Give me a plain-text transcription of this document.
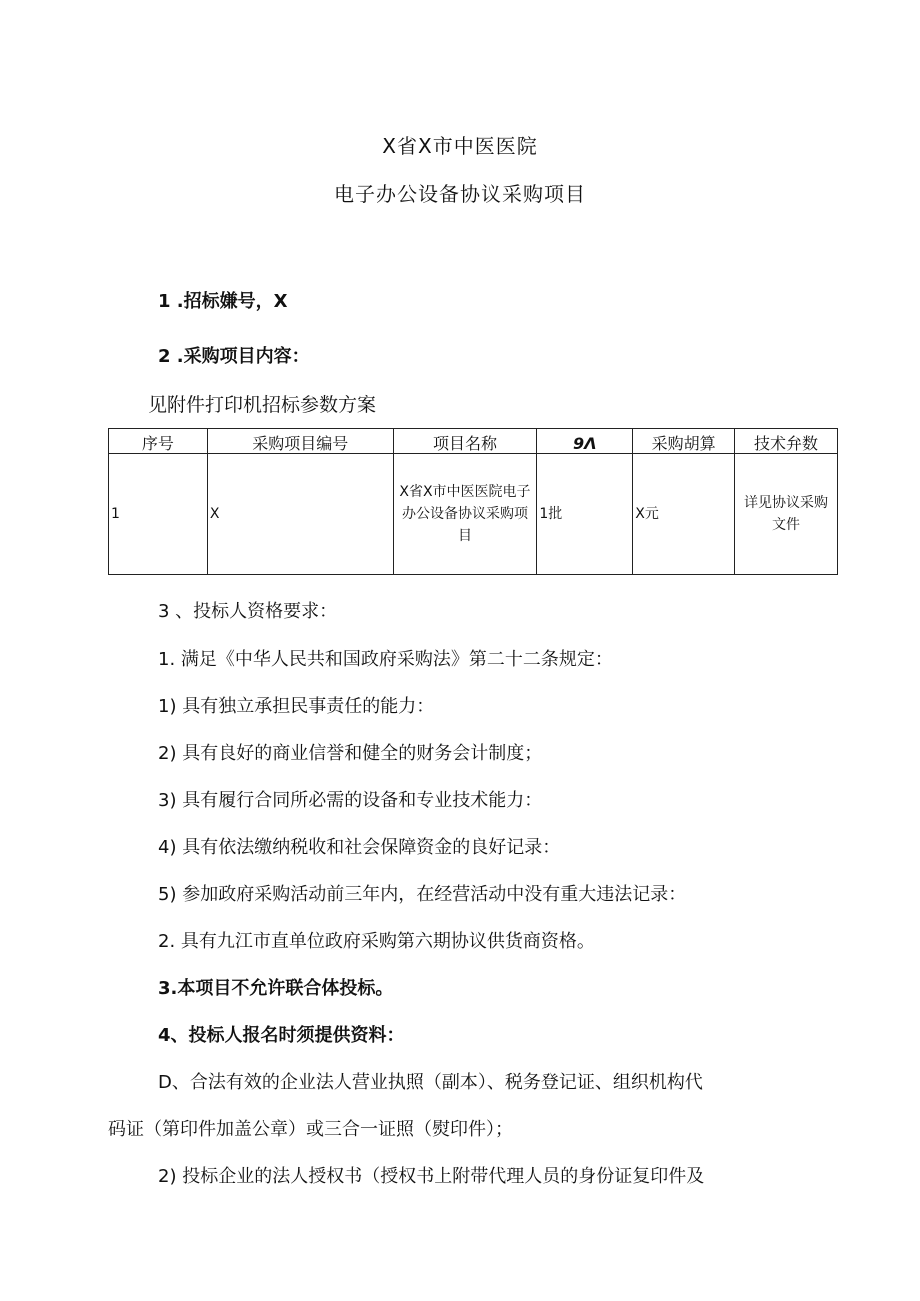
X省X市中医医院
电子办公设备协议采购项目
1 .招标嫌号，X
2 .采购项目内容：
见附件打印机招标参数方案
序号	采购项目编号	项目名称	9Λ	采购胡算	技术弁数
1	X	X省X市中医医院电子办公设备协议采购项目	1批	X元	详见协议采购文件
3 、投标人资格要求：
1. 满足《中华人民共和国政府采购法》第二十二条规定：
1) 具有独立承担民事责任的能力：
2) 具有良好的商业信誉和健全的财务会计制度；
3) 具有履行合同所必需的设备和专业技术能力：
4) 具有依法缴纳税收和社会保障资金的良好记录：
5) 参加政府采购活动前三年内，在经营活动中没有重大违法记录：
2. 具有九江市直单位政府采购第六期协议供货商资格。
3.本项目不允许联合体投标。
4、投标人报名时须提供资料：
D、合法有效的企业法人营业执照（副本）、税务登记证、组织机构代
码证（第印件加盖公章）或三合一证照（熨印件）；
2) 投标企业的法人授权书（授权书上附带代理人员的身份证复印件及
